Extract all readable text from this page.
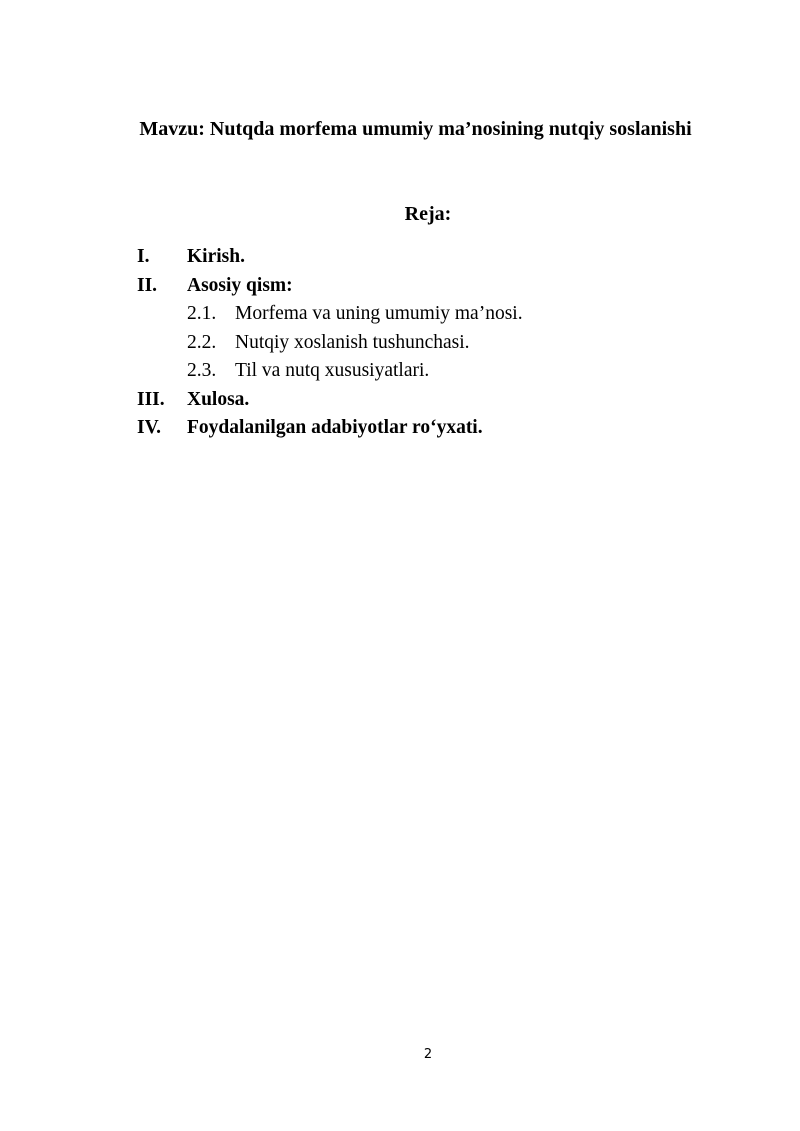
Mavzu: Nutqda morfema umumiy ma’nosining nutqiy soslanishi
Reja:
I.	Kirish.
II.	Asosiy qism:
2.1. Morfema va uning umumiy ma’nosi.
2.2. Nutqiy xoslanish tushunchasi.
2.3. Til va nutq xususiyatlari.
III.	Xulosa.
IV.	Foydalanilgan adabiyotlar ro‘yxati.
2
